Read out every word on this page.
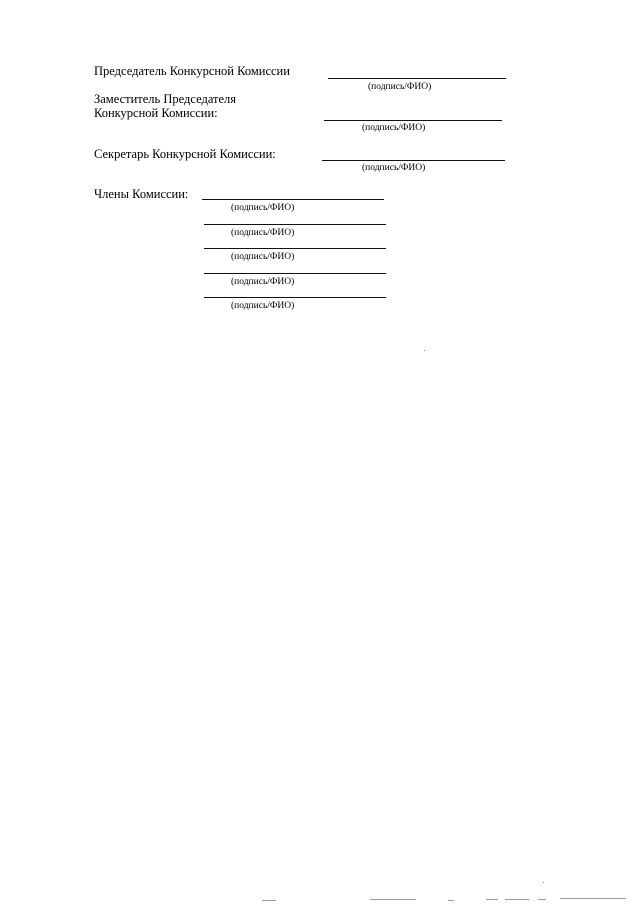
Председатель Конкурсной Комиссии
(подпись/ФИО)
Заместитель Председателя
Конкурсной Комиссии:
(подпись/ФИО)
Секретарь Конкурсной Комиссии:
(подпись/ФИО)
Члены Комиссии:
(подпись/ФИО)
(подпись/ФИО)
(подпись/ФИО)
(подпись/ФИО)
(подпись/ФИО)
